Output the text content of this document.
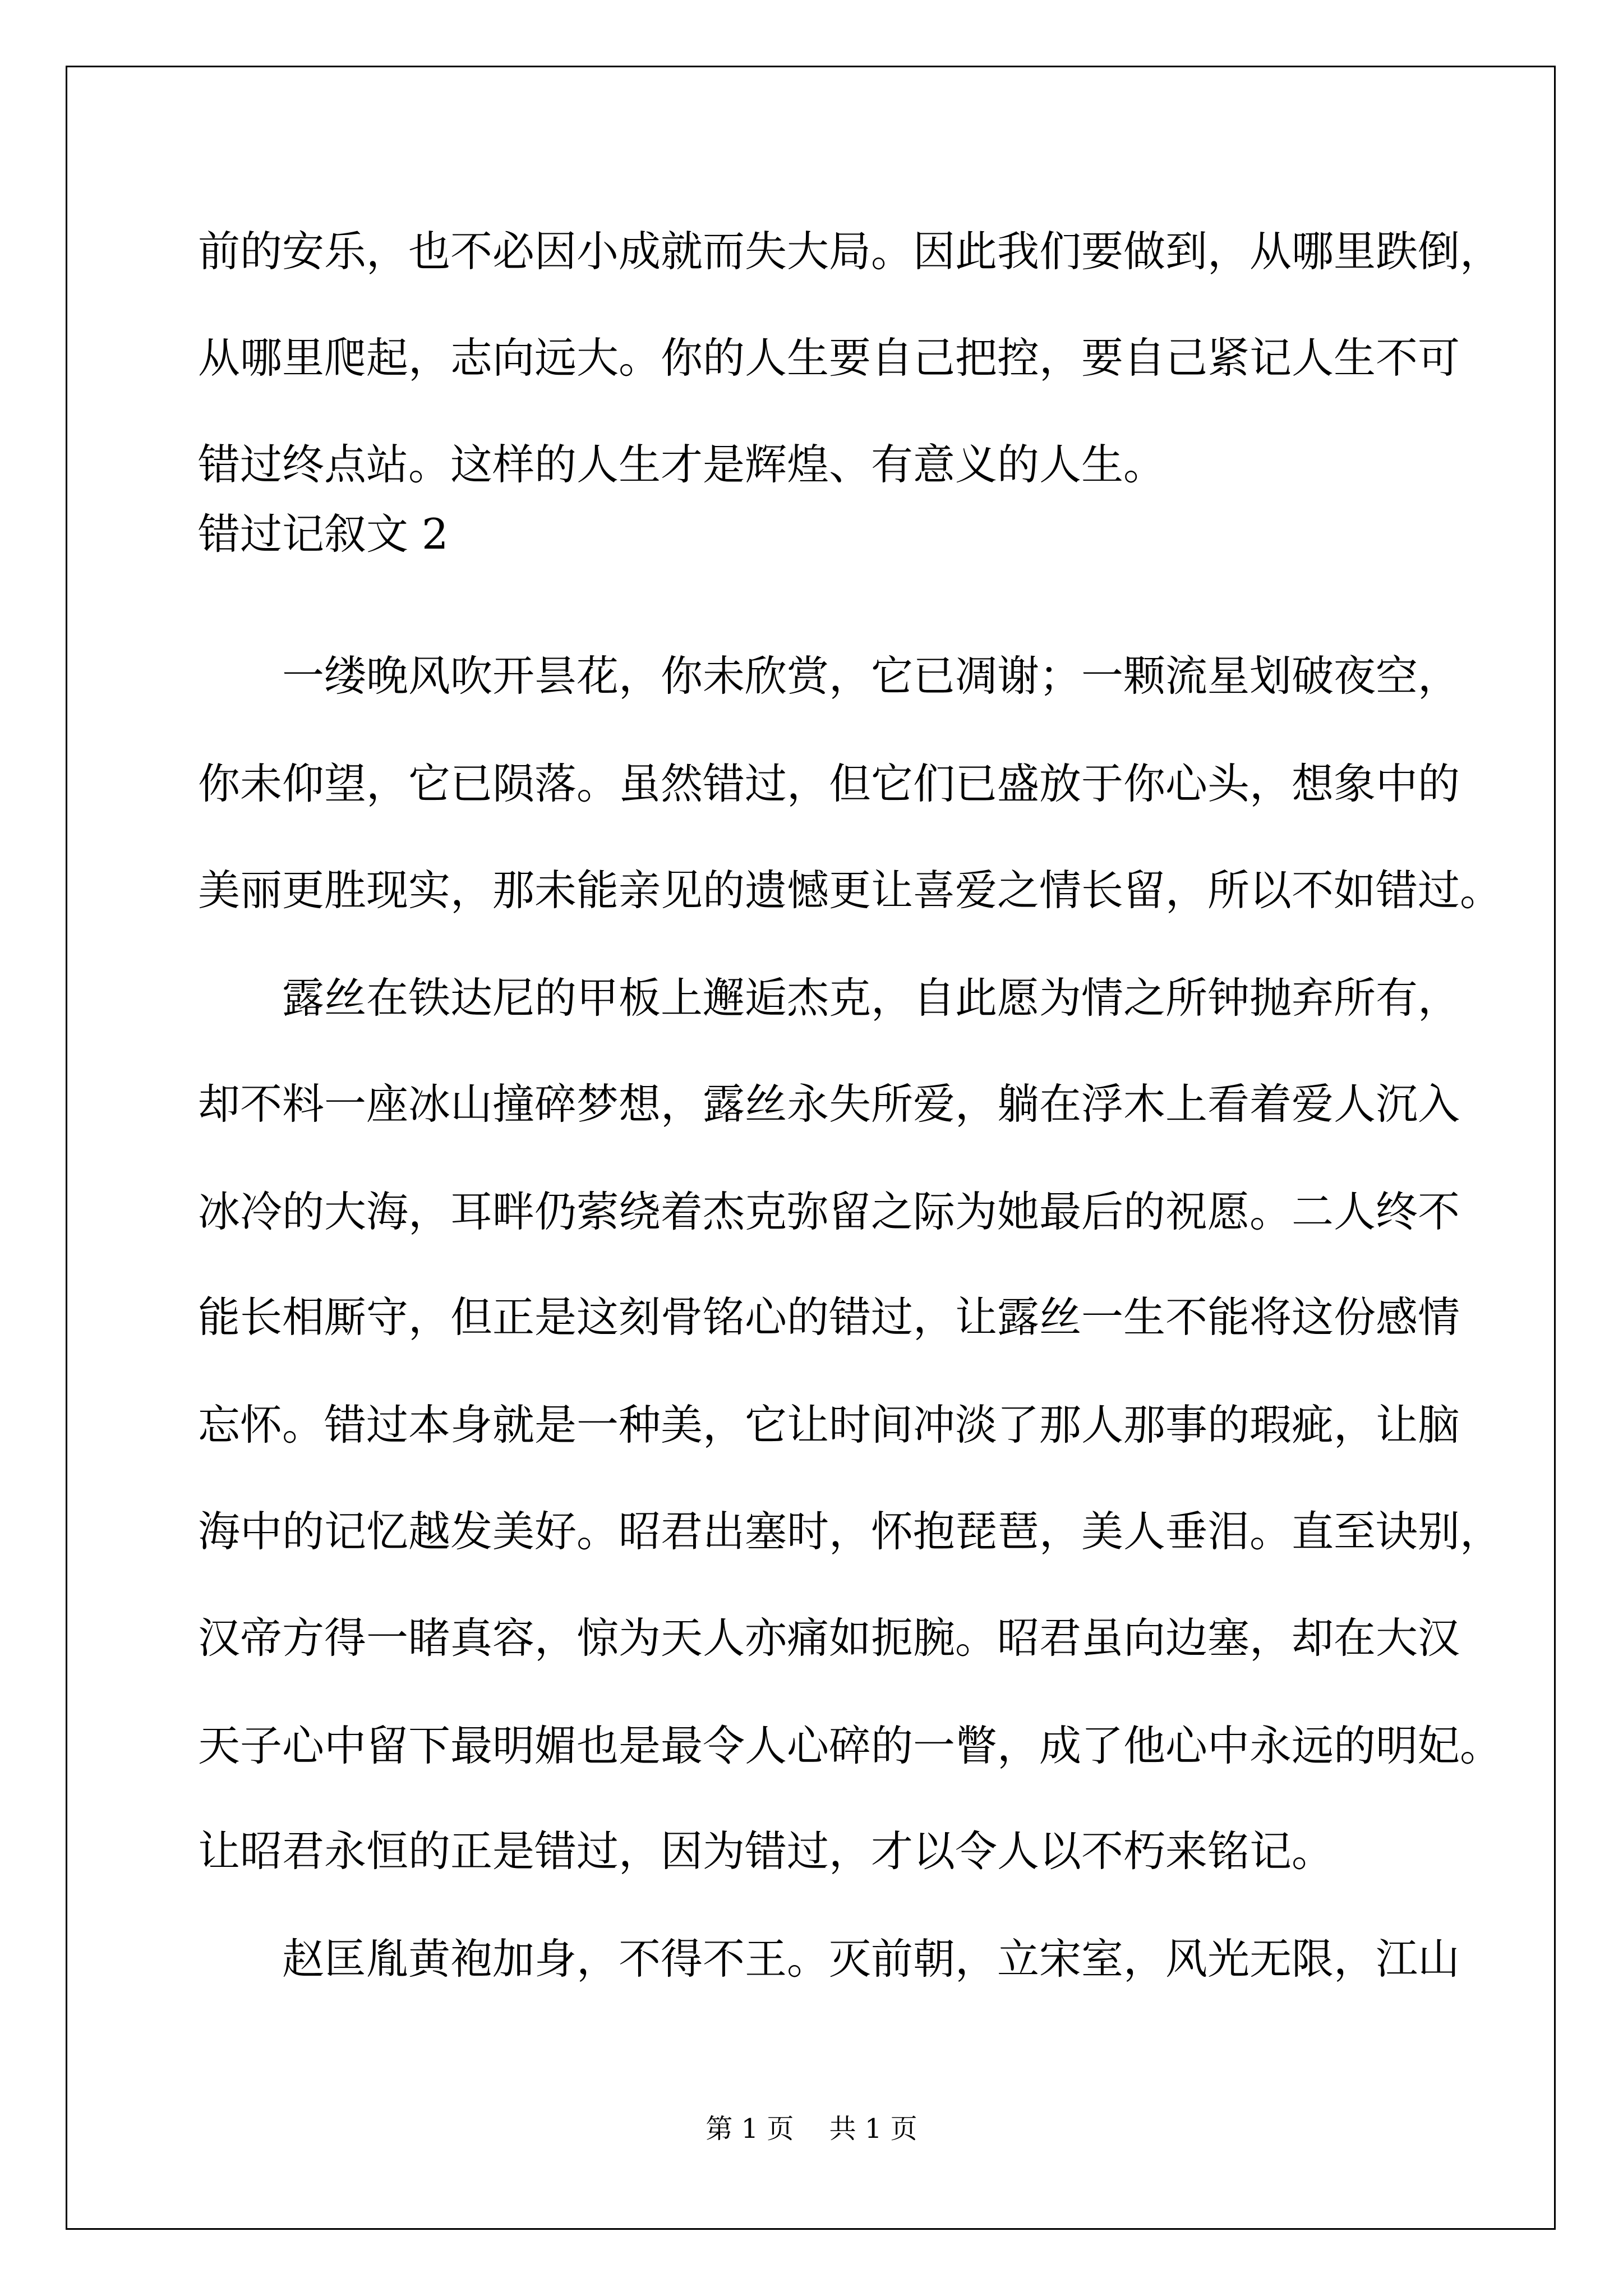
前的安乐，也不必因小成就而失大局。因此我们要做到，从哪里跌倒，
从哪里爬起，志向远大。你的人生要自己把控，要自己紧记人生不可
错过终点站。这样的人生才是辉煌、有意义的人生。
错过记叙文 2
　　一缕晚风吹开昙花，你未欣赏，它已凋谢；一颗流星划破夜空，
你未仰望，它已陨落。虽然错过，但它们已盛放于你心头，想象中的
美丽更胜现实，那未能亲见的遗憾更让喜爱之情长留，所以不如错过。
　　露丝在铁达尼的甲板上邂逅杰克，自此愿为情之所钟抛弃所有，
却不料一座冰山撞碎梦想，露丝永失所爱，躺在浮木上看着爱人沉入
冰冷的大海，耳畔仍萦绕着杰克弥留之际为她最后的祝愿。二人终不
能长相厮守，但正是这刻骨铭心的错过，让露丝一生不能将这份感情
忘怀。错过本身就是一种美，它让时间冲淡了那人那事的瑕疵，让脑
海中的记忆越发美好。昭君出塞时，怀抱琵琶，美人垂泪。直至诀别，
汉帝方得一睹真容，惊为天人亦痛如扼腕。昭君虽向边塞，却在大汉
天子心中留下最明媚也是最令人心碎的一瞥，成了他心中永远的明妃。
让昭君永恒的正是错过，因为错过，才以令人以不朽来铭记。
　　赵匡胤黄袍加身，不得不王。灭前朝，立宋室，风光无限，江山
第 1 页　 共 1 页
